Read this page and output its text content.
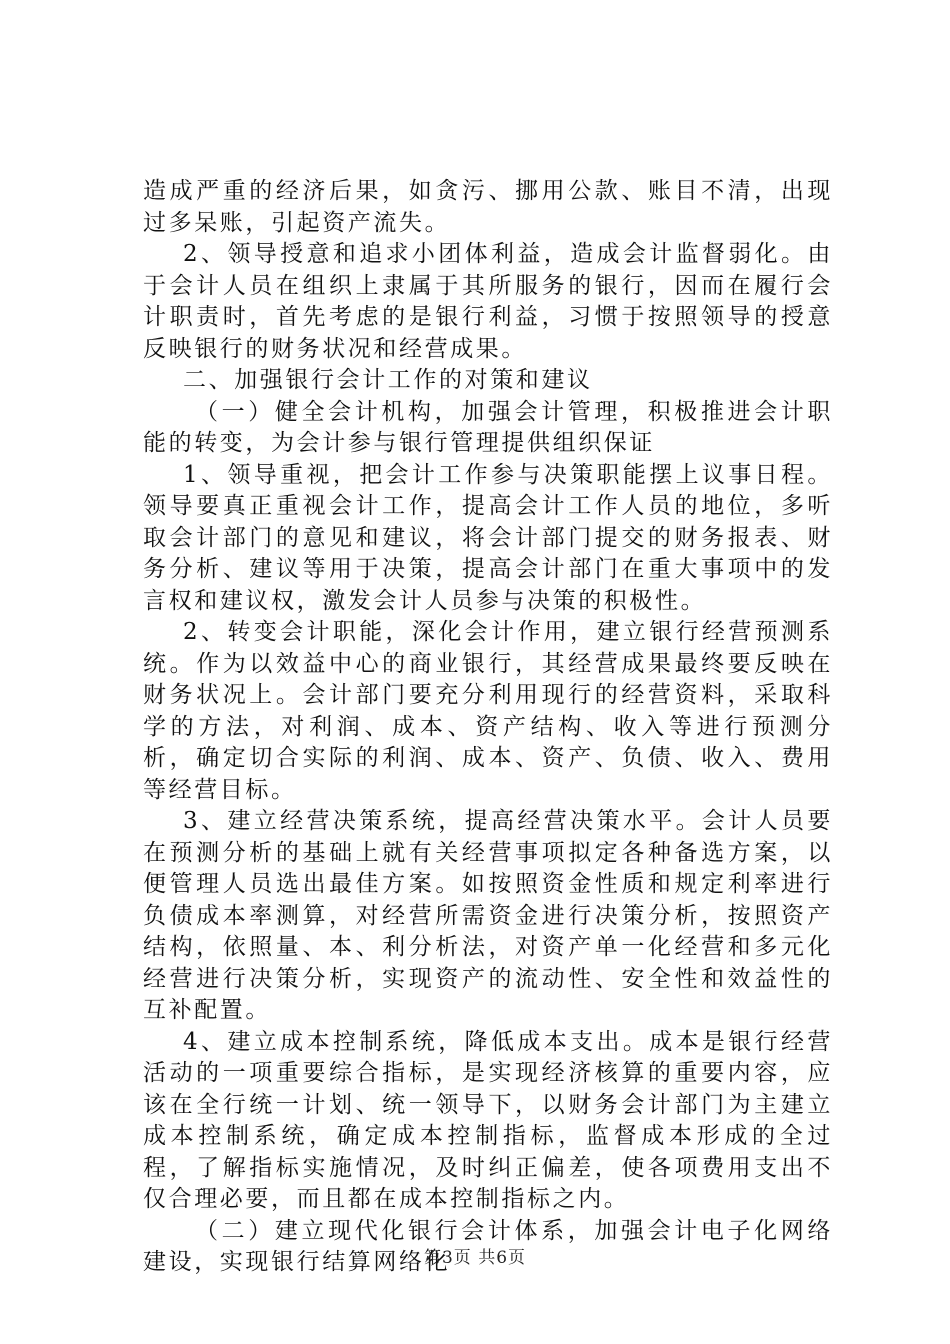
造成严重的经济后果，如贪污、挪用公款、账目不清，出现过多呆账，引起资产流失。

2、领导授意和追求小团体利益，造成会计监督弱化。由于会计人员在组织上隶属于其所服务的银行，因而在履行会计职责时，首先考虑的是银行利益，习惯于按照领导的授意反映银行的财务状况和经营成果。

二、加强银行会计工作的对策和建议

（一）健全会计机构，加强会计管理，积极推进会计职能的转变，为会计参与银行管理提供组织保证

1、领导重视，把会计工作参与决策职能摆上议事日程。领导要真正重视会计工作，提高会计工作人员的地位，多听取会计部门的意见和建议，将会计部门提交的财务报表、财务分析、建议等用于决策，提高会计部门在重大事项中的发言权和建议权，激发会计人员参与决策的积极性。

2、转变会计职能，深化会计作用，建立银行经营预测系统。作为以效益中心的商业银行，其经营成果最终要反映在财务状况上。会计部门要充分利用现行的经营资料，采取科学的方法，对利润、成本、资产结构、收入等进行预测分析，确定切合实际的利润、成本、资产、负债、收入、费用等经营目标。

3、建立经营决策系统，提高经营决策水平。会计人员要在预测分析的基础上就有关经营事项拟定各种备选方案，以便管理人员选出最佳方案。如按照资金性质和规定利率进行负债成本率测算，对经营所需资金进行决策分析，按照资产结构，依照量、本、利分析法，对资产单一化经营和多元化经营进行决策分析，实现资产的流动性、安全性和效益性的互补配置。

4、建立成本控制系统，降低成本支出。成本是银行经营活动的一项重要综合指标，是实现经济核算的重要内容，应该在全行统一计划、统一领导下，以财务会计部门为主建立成本控制系统，确定成本控制指标，监督成本形成的全过程，了解指标实施情况，及时纠正偏差，使各项费用支出不仅合理必要，而且都在成本控制指标之内。

（二）建立现代化银行会计体系，加强会计电子化网络建设，实现银行结算网络化

第3页 共6页
